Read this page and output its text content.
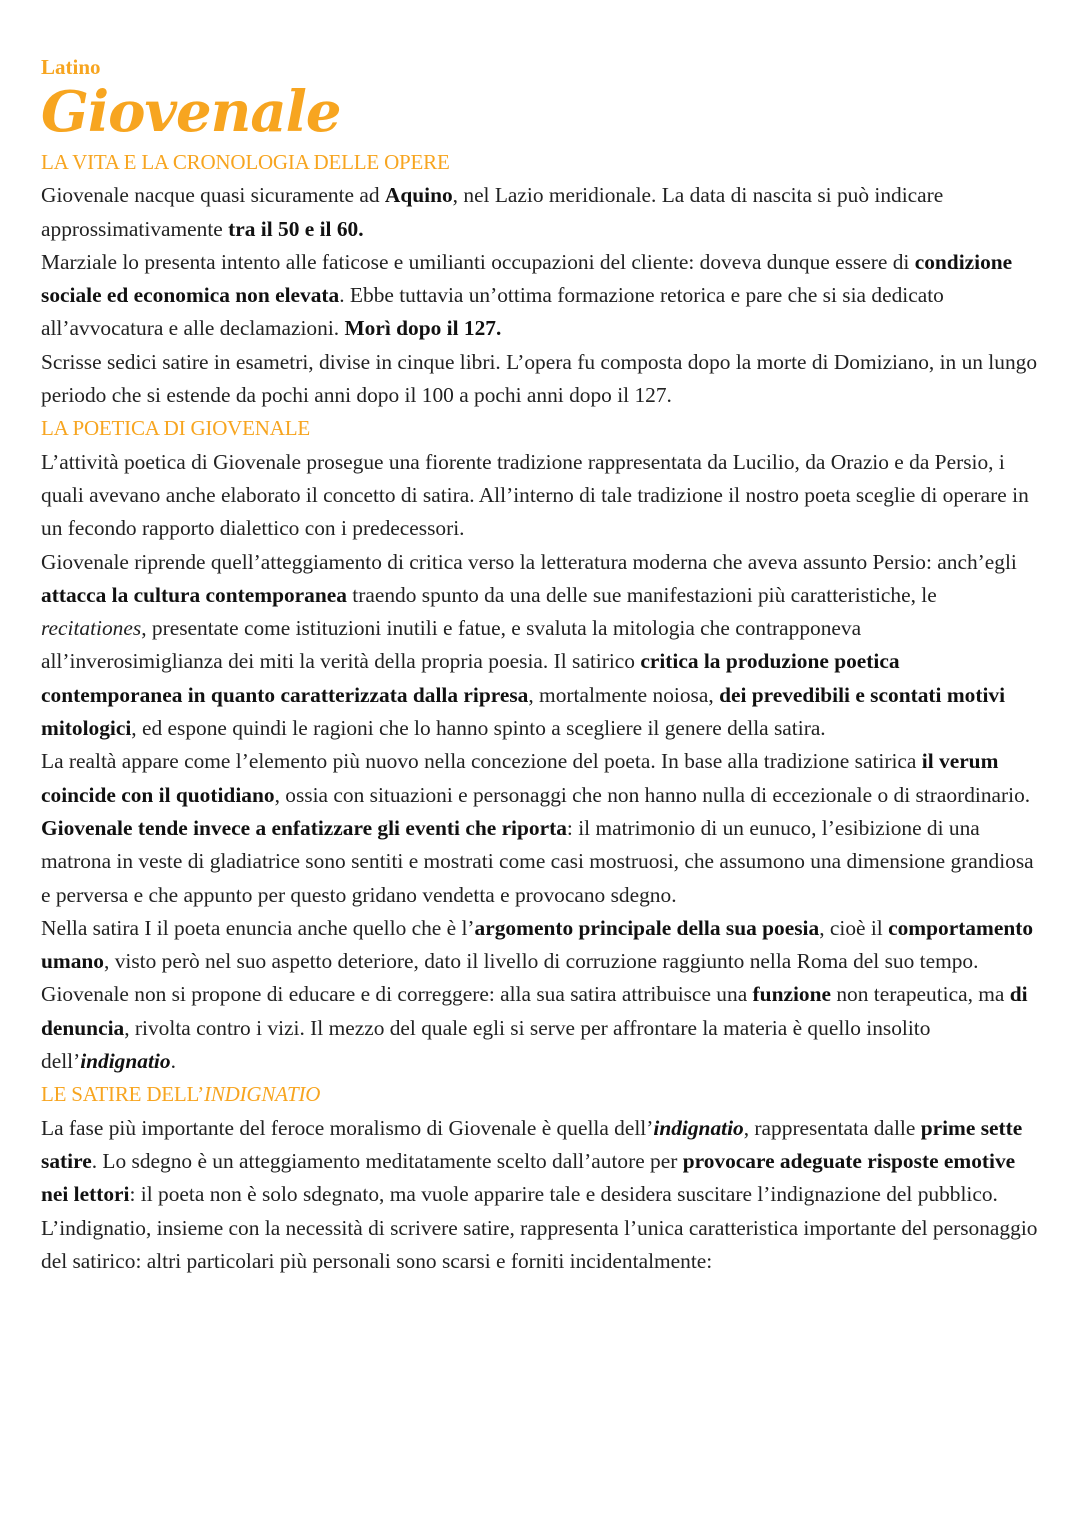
Latino
Giovenale
LA VITA E LA CRONOLOGIA DELLE OPERE

Giovenale nacque quasi sicuramente ad Aquino, nel Lazio meridionale. La data di nascita si può indicare approssimativamente tra il 50 e il 60.

Marziale lo presenta intento alle faticose e umilianti occupazioni del cliente: doveva dunque essere di condizione sociale ed economica non elevata. Ebbe tuttavia un’ottima formazione retorica e pare che si sia dedicato all’avvocatura e alle declamazioni. Morì dopo il 127.

Scrisse sedici satire in esametri, divise in cinque libri. L’opera fu composta dopo la morte di Domiziano, in un lungo periodo che si estende da pochi anni dopo il 100 a pochi anni dopo il 127.

LA POETICA DI GIOVENALE

L’attività poetica di Giovenale prosegue una fiorente tradizione rappresentata da Lucilio, da Orazio e da Persio, i quali avevano anche elaborato il concetto di satira. All’interno di tale tradizione il nostro poeta sceglie di operare in un fecondo rapporto dialettico con i predecessori.

Giovenale riprende quell’atteggiamento di critica verso la letteratura moderna che aveva assunto Persio: anch’egli attacca la cultura contemporanea traendo spunto da una delle sue manifestazioni più caratteristiche, le recitationes, presentate come istituzioni inutili e fatue, e svaluta la mitologia che contrapponeva all’inverosimiglianza dei miti la verità della propria poesia. Il satirico critica la produzione poetica contemporanea in quanto caratterizzata dalla ripresa, mortalmente noiosa, dei prevedibili e scontati motivi mitologici, ed espone quindi le ragioni che lo hanno spinto a scegliere il genere della satira.

La realtà appare come l’elemento più nuovo nella concezione del poeta. In base alla tradizione satirica il verum coincide con il quotidiano, ossia con situazioni e personaggi che non hanno nulla di eccezionale o di straordinario.

Giovenale tende invece a enfatizzare gli eventi che riporta: il matrimonio di un eunuco, l’esibizione di una matrona in veste di gladiatrice sono sentiti e mostrati come casi mostruosi, che assumono una dimensione grandiosa e perversa e che appunto per questo gridano vendetta e provocano sdegno.

Nella satira I il poeta enuncia anche quello che è l’argomento principale della sua poesia, cioè il comportamento umano, visto però nel suo aspetto deteriore, dato il livello di corruzione raggiunto nella Roma del suo tempo.

Giovenale non si propone di educare e di correggere: alla sua satira attribuisce una funzione non terapeutica, ma di denuncia, rivolta contro i vizi. Il mezzo del quale egli si serve per affrontare la materia è quello insolito dell’indignatio.

LE SATIRE DELL’INDIGNATIO

La fase più importante del feroce moralismo di Giovenale è quella dell’indignatio, rappresentata dalle prime sette satire. Lo sdegno è un atteggiamento meditatamente scelto dall’autore per provocare adeguate risposte emotive nei lettori: il poeta non è solo sdegnato, ma vuole apparire tale e desidera suscitare l’indignazione del pubblico.

L’indignatio, insieme con la necessità di scrivere satire, rappresenta l’unica caratteristica importante del personaggio del satirico: altri particolari più personali sono scarsi e forniti incidentalmente:
